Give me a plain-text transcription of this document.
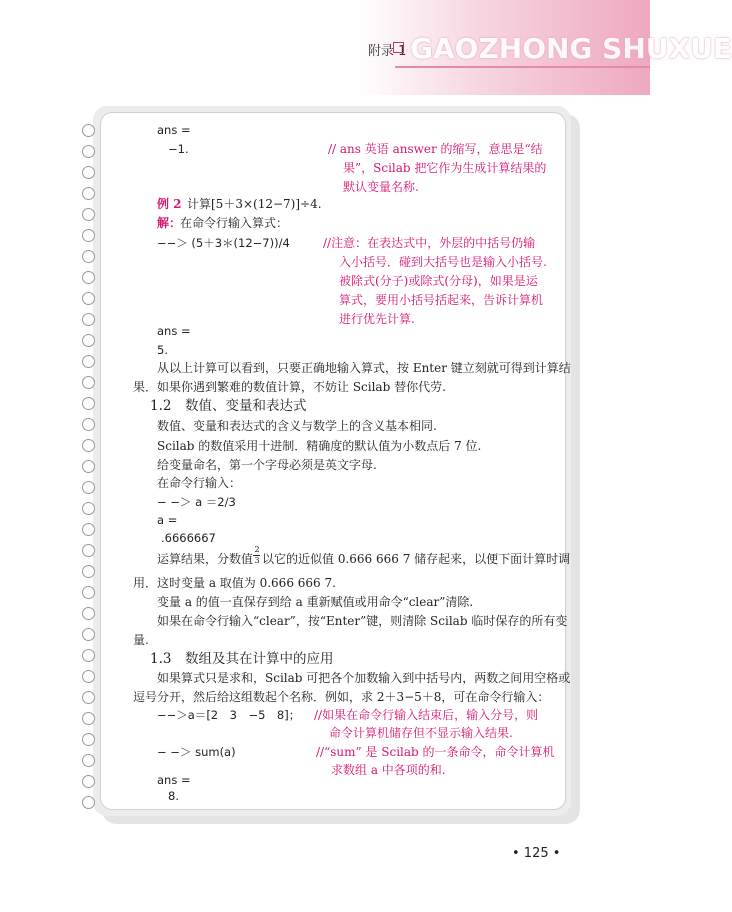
附录 1 GAOZHONG SHUXUE
ans =
−1.	// ans 英语 answer 的缩写，意思是“结
果”，Scilab 把它作为生成计算结果的
默认变量名称.
例 2 计算[5＋3×(12−7)]÷4.
解：
在命令行输入算式：
−−＞ (5＋3＊(12−7))/4	//注意：在表达式中，外层的中括号仍输
入小括号．碰到大括号也是输入小括号.
被除式(分子)或除式(分母)，如果是运
算式，要用小括号括起来，告诉计算机
进行优先计算.
ans =
5.
从以上计算可以看到，只要正确地输入算式，按 Enter 键立刻就可得到计算结
果．如果你遇到繁难的数值计算，不妨让 Scilab 替你代劳.
1.2　数值、变量和表达式
数值、变量和表达式的含义与数学上的含义基本相同.
Scilab 的数值采用十进制．精确度的默认值为小数点后 7 位.
给变量命名，第一个字母必须是英文字母.
在命令行输入：
− −＞ a ＝2/3
a =
.6666667
运算结果，分数值
2
3 以它的近似值 0.666 666 7 储存起来，以便下面计算时调
用．这时变量 a 取值为 0.666 666 7.
变量 a 的值一直保存到给 a 重新赋值或用命令“clear”清除.
如果在命令行输入“clear”，按“Enter”键，则清除 Scilab 临时保存的所有变
量.
1.3　数组及其在计算中的应用
如果算式只是求和，Scilab 可把各个加数输入到中括号内，两数之间用空格或
逗号分开，然后给这组数起个名称．例如，求 2＋3−5＋8，可在命令行输入：
−−＞a＝[2　3　−5　8]； //如果在命令行输入结束后，输入分号，则
命令计算机储存但不显示输入结果.
− −＞ sum(a)	//“sum” 是 Scilab 的一条命令，命令计算机
求数组 a 中各项的和.
ans =
8.
• 125 •
